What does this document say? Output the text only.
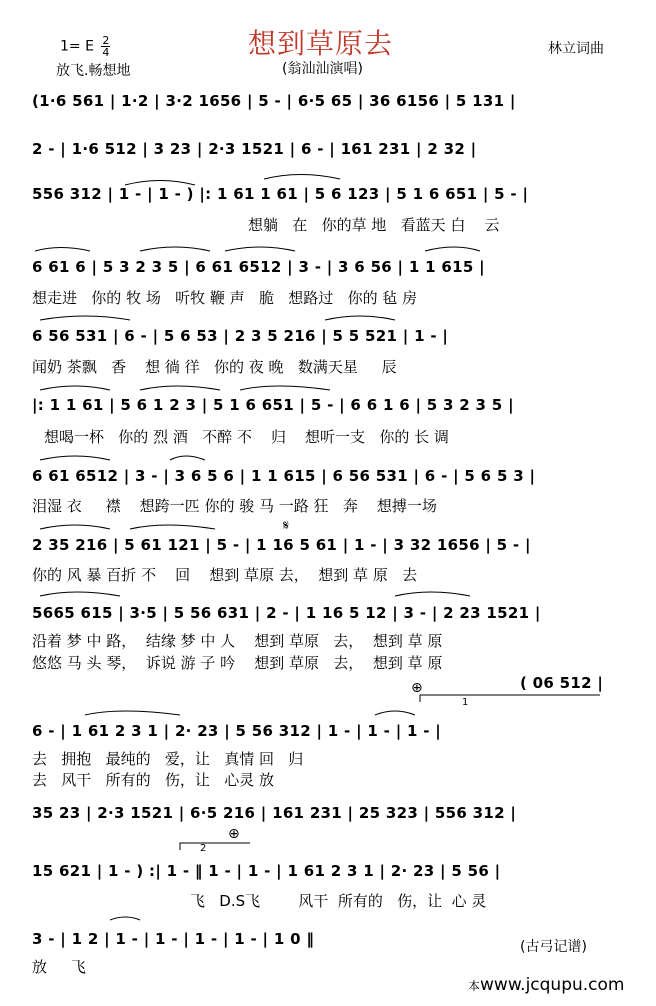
1= E $\frac{2}{4}$	想到草原去
(翁汕汕演唱)
林立词曲
放飞.畅想地
(1·6 561 | 1·2 | 3·2 1656 | 5 - | 6·5 65 | 36 6156 | 5 131 |
2 - | 1·6 512 | 3 23 | 2·3 1521 | 6 - | 161 231 | 2 32 |
556 312 | 1 - | 1 - ) |: 1 61 1 61 | 5 6 123 | 5 1 6 651 | 5 - |
想躺   在   你的草 地   看蓝天 白    云
6 61 6 | 5 3 2 3 5 | 6 61 6512 | 3 - | 3 6 56 | 1 1 615 |
想走进   你的 牧 场   听牧 鞭 声   脆   想路过   你的 毡 房
6 56 531 | 6 - | 5 6 53 | 2 3 5 216 | 5 5 521 | 1 - |
闻奶 茶飘   香    想 徜 徉   你的 夜 晚   数满天星     辰
|: 1 1 61 | 5 6 1 2 3 | 5 1 6 651 | 5 - | 6 6 1 6 | 5 3 2 3 5 |
想喝一杯   你的 烈 酒   不醉 不    归    想听一支   你的 长 调
6 61 6512 | 3 - | 3 6 5 6 | 1 1 615 | 6 56 531 | 6 - | 5 6 5 3 |
泪湿 衣     襟    想跨一匹 你的 骏 马 一路 狂   奔    想搏一场
2 35 216 | 5 61 121 | 5 - | 1 16 5 61 | 1 - | 3 32 1656 | 5 - |
你的 风 暴 百折 不    回    想到 草原 去，  想到 草 原   去
5665 615 | 3·5 | 5 56 631 | 2 - | 1 16 5 12 | 3 - | 2 23 1521 |
沿着 梦 中 路，  结缘 梦 中 人    想到 草原   去，  想到 草 原
悠悠 马 头 琴，  诉说 游 子 吟    想到 草原   去，  想到 草 原
( 06 512 |
6 - | 1 61 2 3 1 | 2· 23 | 5 56 312 | 1 - | 1 - | 1 - |
去   拥抱   最纯的   爱，让   真情 回   归
去   风干   所有的   伤，让   心灵 放
35 23 | 2·3 1521 | 6·5 216 | 161 231 | 25 323 | 556 312 |
15 621 | 1 - ) :| 1 - ‖ 1 - | 1 - | 1 61 2 3 1 | 2· 23 | 5 56 |
飞   D.S飞        风干  所有的   伤，让  心 灵
3 - | 1 2 | 1 - | 1 - | 1 - | 1 - | 1 0 ‖
放     飞
𝄋
⊕
⊕
1
2
(古弓记谱)
本www.jcqupu.com
